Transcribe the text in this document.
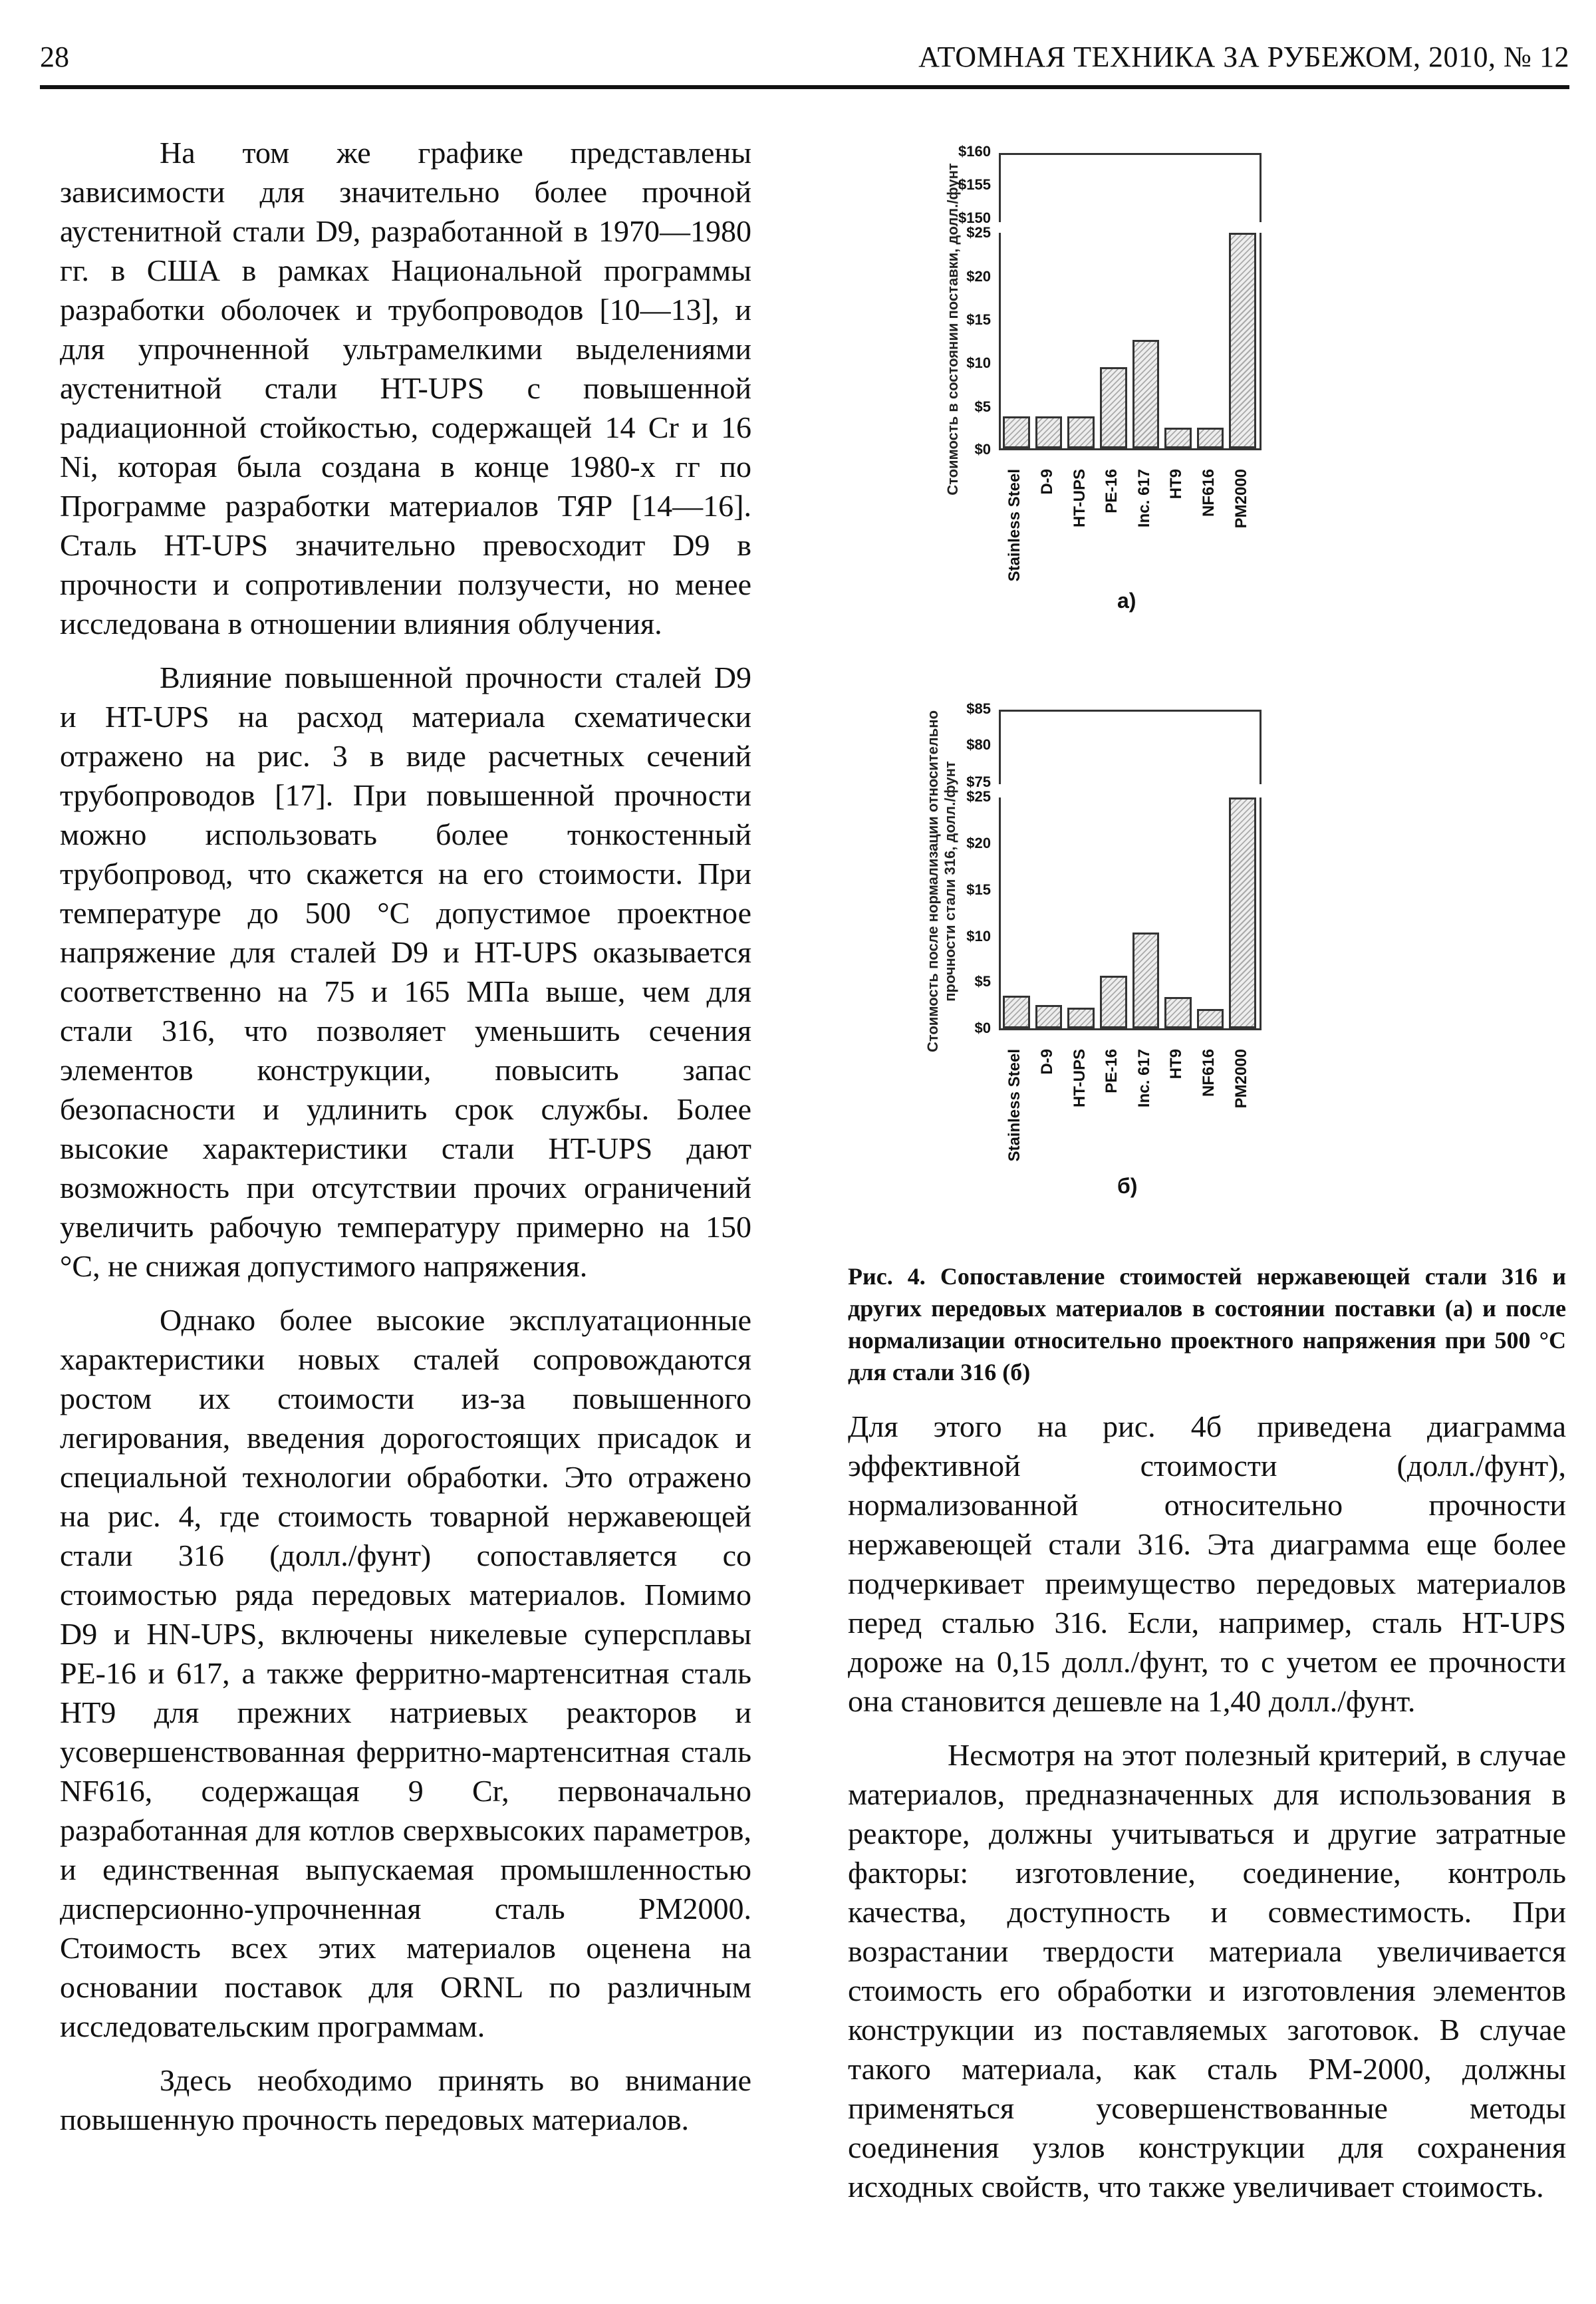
28	АТОМНАЯ ТЕХНИКА ЗА РУБЕЖОМ, 2010, № 12

На том же графике представлены зависимости для значительно более прочной аустенитной стали D9, разработанной в 1970—1980 гг. в США в рамках Национальной программы разработки оболочек и трубопроводов [10—13], и для упрочненной ультрамелкими выделениями аустенитной стали HT-UPS с повышенной радиационной стойкостью, содержащей 14 Cr и 16 Ni, которая была создана в конце 1980-х гг по Программе разработки материалов ТЯР [14—16]. Сталь HT-UPS значительно превосходит D9 в прочности и сопротивлении ползучести, но менее исследована в отношении влияния облучения.

Влияние повышенной прочности сталей D9 и HT-UPS на расход материала схематически отражено на рис. 3 в виде расчетных сечений трубопроводов [17]. При повышенной прочности можно использовать более тонкостенный трубопровод, что скажется на его стоимости. При температуре до 500 °С допустимое проектное напряжение для сталей D9 и HT-UPS оказывается соответственно на 75 и 165 МПа выше, чем для стали 316, что позволяет уменьшить сечения элементов конструкции, повысить запас безопасности и удлинить срок службы. Более высокие характеристики стали HT-UPS дают возможность при отсутствии прочих ограничений увеличить рабочую температуру примерно на 150 °С, не снижая допустимого напряжения.

Однако более высокие эксплуатационные характеристики новых сталей сопровождаются ростом их стоимости из-за повышенного легирования, введения дорогостоящих присадок и специальной технологии обработки. Это отражено на рис. 4, где стоимость товарной нержавеющей стали 316 (долл./фунт) сопоставляется со стоимостью ряда передовых материалов. Помимо D9 и HN-UPS, включены никелевые суперсплавы PE-16 и 617, а также ферритно-мартенситная сталь HT9 для прежних натриевых реакторов и усовершенствованная ферритно-мартенситная сталь NF616, содержащая 9 Cr, первоначально разработанная для котлов сверхвысоких параметров, и единственная выпускаемая промышленностью дисперсионно-упрочненная сталь PM2000. Стоимость всех этих материалов оценена на основании поставок для ORNL по различным исследовательским программам.

Здесь необходимо принять во внимание повышенную прочность передовых материалов.

Стоимость в состоянии поставки, долл./фунт
$160
$155
$150
$25
$20
$15
$10
$5
$0
Stainless Steel D-9 HT-UPS PE-16 Inc. 617 HT9 NF616 PM2000
а)
Стоимость после нормализации относительно прочности стали 316, долл./фунт
$85
$80
$75
$25
$20
$15
$10
$5
$0
Stainless Steel D-9 HT-UPS PE-16 Inc. 617 HT9 NF616 PM2000
б)
Рис. 4. Сопоставление стоимостей нержавеющей стали 316 и других передовых материалов в состоянии поставки (а) и после нормализации относительно проектного напряжения при 500 °С для стали 316 (б)

Для этого на рис. 4б приведена диаграмма эффективной стоимости (долл./фунт), нормализованной относительно прочности нержавеющей стали 316. Эта диаграмма еще более подчеркивает преимущество передовых материалов перед сталью 316. Если, например, сталь HT-UPS дороже на 0,15 долл./фунт, то с учетом ее прочности она становится дешевле на 1,40 долл./фунт.

Несмотря на этот полезный критерий, в случае материалов, предназначенных для использования в реакторе, должны учитываться и другие затратные факторы: изготовление, соединение, контроль качества, доступность и совместимость. При возрастании твердости материала увеличивается стоимость его обработки и изготовления элементов конструкции из поставляемых заготовок. В случае такого материала, как сталь PM-2000, должны применяться усовершенствованные методы соединения узлов конструкции для сохранения исходных свойств, что также увеличивает стоимость.
